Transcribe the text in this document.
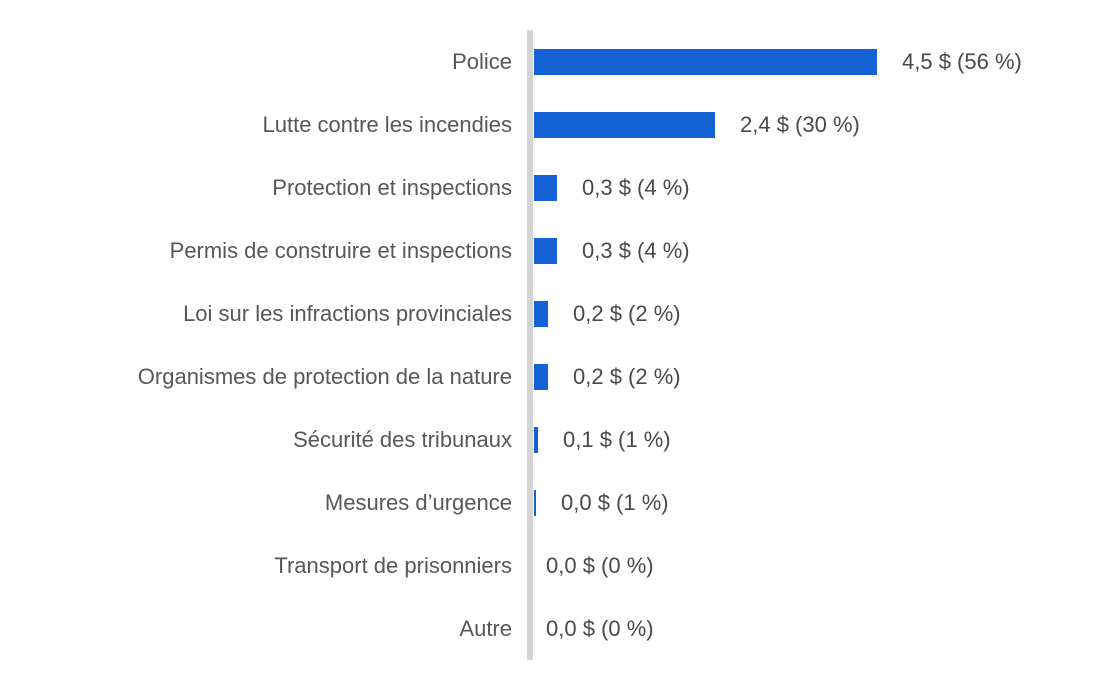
Police	4,5 $ (56 %)
Lutte contre les incendies	2,4 $ (30 %)
Protection et inspections	0,3 $ (4 %)
Permis de construire et inspections	0,3 $ (4 %)
Loi sur les infractions provinciales	0,2 $ (2 %)
Organismes de protection de la nature	0,2 $ (2 %)
Sécurité des tribunaux 0,1 $ (1 %)
Mesures d’urgence 0,0 $ (1 %)
Transport de prisonniers 0,0 $ (0 %)
Autre 0,0 $ (0 %)
